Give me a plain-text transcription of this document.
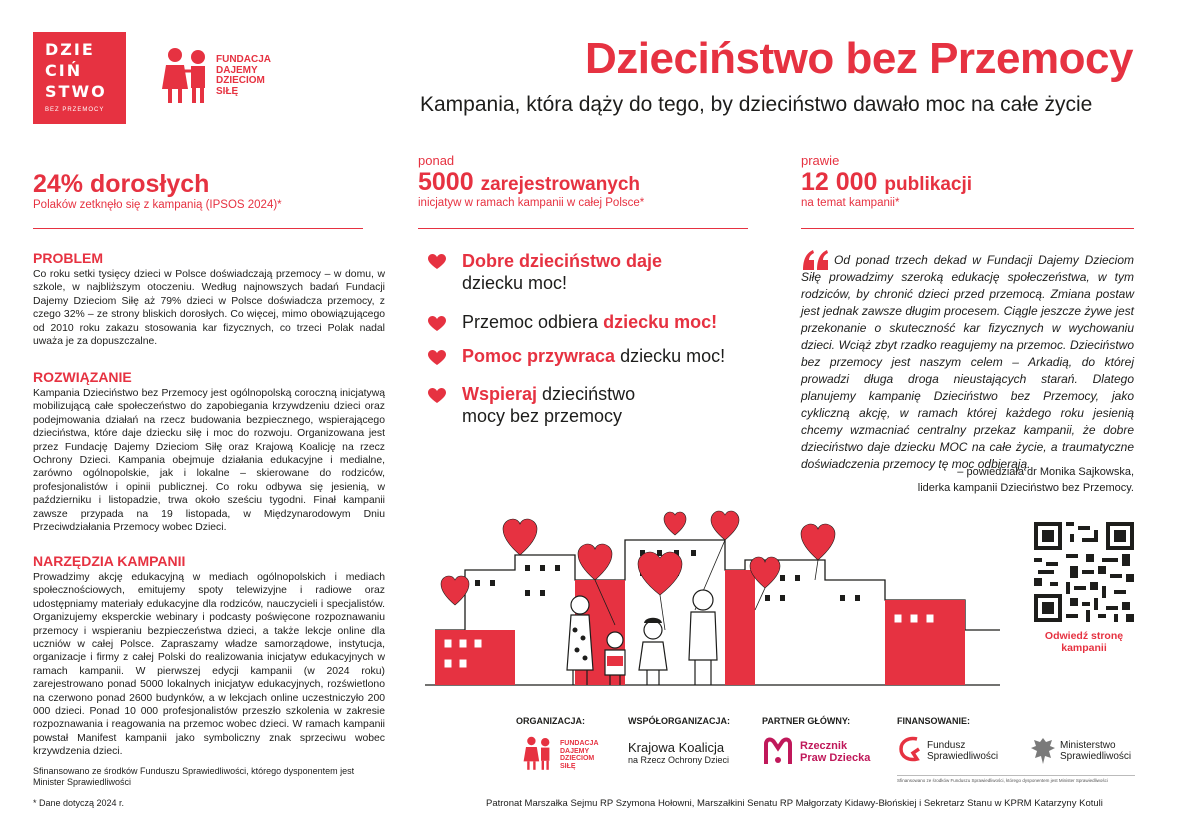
DZIE
CIŃ
STWO
BEZ PRZEMOCY
FUNDACJA
DAJEMY
DZIECIOM
SIŁĘ
Dzieciństwo bez Przemocy
Kampania, która dąży do tego, by dzieciństwo dawało moc na całe życie
24% dorosłych
Polaków zetknęło się z kampanią (IPSOS 2024)*
ponad
5000 zarejestrowanych
inicjatyw w ramach kampanii w całej Polsce*
prawie
12 000 publikacji
na temat kampanii*
PROBLEM
Co roku setki tysięcy dzieci w Polsce doświadczają przemocy – w domu, w szkole, w najbliższym otoczeniu. Według najnowszych badań Fundacji Dajemy Dzieciom Siłę aż 79% dzieci w Polsce doświadcza przemocy, z czego 32% – ze strony bliskich dorosłych. Co więcej, mimo obowiązującego od 2010 roku zakazu stosowania kar fizycznych, co trzeci Polak nadal uważa je za dopuszczalne.
ROZWIĄZANIE
Kampania Dzieciństwo bez Przemocy jest ogólnopolską coroczną inicjatywą mobilizującą całe społeczeństwo do zapobiegania krzywdzeniu dzieci oraz podejmowania działań na rzecz budowania bezpiecznego, wspierającego dzieciństwa, które daje dziecku siłę i moc do rozwoju. Organizowana jest przez Fundację Dajemy Dzieciom Siłę oraz Krajową Koalicję na rzecz Ochrony Dzieci. Kampania obejmuje działania edukacyjne i medialne, zarówno ogólnopolskie, jak i lokalne – skierowane do rodziców, profesjonalistów i opinii publicznej. Co roku odbywa się jesienią, w październiku i listopadzie, trwa około sześciu tygodni. Finał kampanii zawsze przypada na 19 listopada, w Międzynarodowym Dniu Przeciwdziałania Przemocy wobec Dzieci.
NARZĘDZIA KAMPANII
Prowadzimy akcję edukacyjną w mediach ogólnopolskich i mediach społecznościowych, emitujemy spoty telewizyjne i radiowe oraz udostępniamy materiały edukacyjne dla rodziców, nauczycieli i specjalistów. Organizujemy eksperckie webinary i podcasty poświęcone rozpoznawaniu przemocy i wspieraniu bezpieczeństwa dzieci, a także lekcje online dla uczniów w całej Polsce. Zapraszamy władze samorządowe, instytucja, organizacje i firmy z całej Polski do realizowania inicjatyw edukacyjnych w ramach kampanii. W pierwszej edycji kampanii (w 2024 roku) zarejestrowano ponad 5000 lokalnych inicjatyw edukacyjnych, rozświetlono na czerwono ponad 2600 budynków, a w lekcjach online uczestniczyło 200 000 dzieci. Ponad 10 000 profesjonalistów przeszło szkolenia w zakresie rozpoznawania i reagowania na przemoc wobec dzieci. W ramach kampanii powstał Manifest kampanii jako symboliczny znak sprzeciwu wobec krzywdzenia dzieci.
Sfinansowano ze środków Funduszu Sprawiedliwości, którego dysponentem jest Minister Sprawiedliwości
* Dane dotyczą 2024 r.
Dobre dzieciństwo daje
dziecku moc!
Przemoc odbiera dziecku moc!
Pomoc przywraca dziecku moc!
Wspieraj dzieciństwo
mocy bez przemocy
Od ponad trzech dekad w Fundacji Dajemy Dzieciom Siłę prowadzimy szeroką edukację społeczeństwa, w tym rodziców, by chronić dzieci przed przemocą. Zmiana postaw jest jednak zawsze długim procesem. Ciągle jeszcze żywe jest przekonanie o skuteczność kar fizycznych w wychowaniu dzieci. Wciąż zbyt rzadko reagujemy na przemoc. Dzieciństwo bez przemocy jest naszym celem – Arkadią, do której prowadzi długa droga nieustających starań. Dlatego planujemy kampanię Dzieciństwo bez Przemocy, jako cykliczną akcję, w ramach której każdego roku jesienią chcemy wzmacniać centralny przekaz kampanii, że dobre dzieciństwo daje dziecku MOC na całe życie, a traumatyczne doświadczenia przemocy tę moc odbierają.
– powiedziała dr Monika Sajkowska,
liderka kampanii Dzieciństwo bez Przemocy.
Odwiedź stronę
kampanii
ORGANIZACJA:	WSPÓŁORGANIZACJA:	PARTNER GŁÓWNY:	FINANSOWANIE:
FUNDACJA
DAJEMY
DZIECIOM
SIŁĘ
Krajowa Koalicja
na Rzecz Ochrony Dzieci
Rzecznik
Praw Dziecka
Fundusz
Sprawiedliwości
Ministerstwo
Sprawiedliwości
Sfinansowano ze środków Funduszu Sprawiedliwości, którego dysponentem jest Minister Sprawiedliwości
Patronat Marszałka Sejmu RP Szymona Hołowni, Marszałkini Senatu RP Małgorzaty Kidawy-Błońskiej i Sekretarz Stanu w KPRM Katarzyny Kotuli
